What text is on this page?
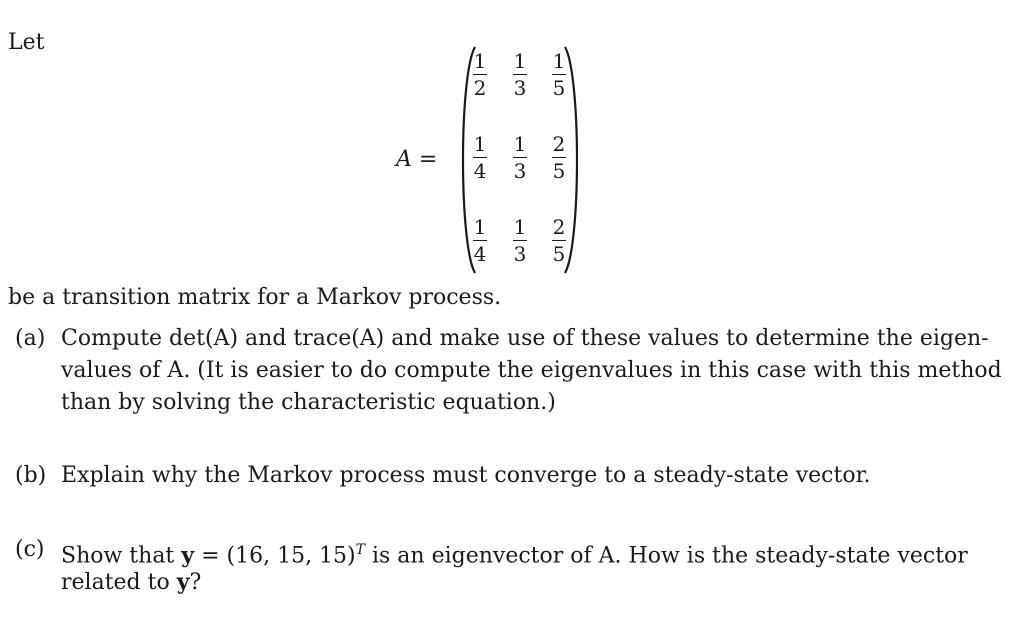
Let
A =
1
2
1
3
1
5
1
4
1
3
2
5
1
4
1
3
2
5
be a transition matrix for a Markov process.
(a) Compute det(A) and trace(A) and make use of these values to determine the eigen-
values of A. (It is easier to do compute the eigenvalues in this case with this method
than by solving the characteristic equation.)
(b) Explain why the Markov process must converge to a steady-state vector.
(c) Show that y = (16, 15, 15)$^T$ is an eigenvector of A. How is the steady-state vector
related to y?
